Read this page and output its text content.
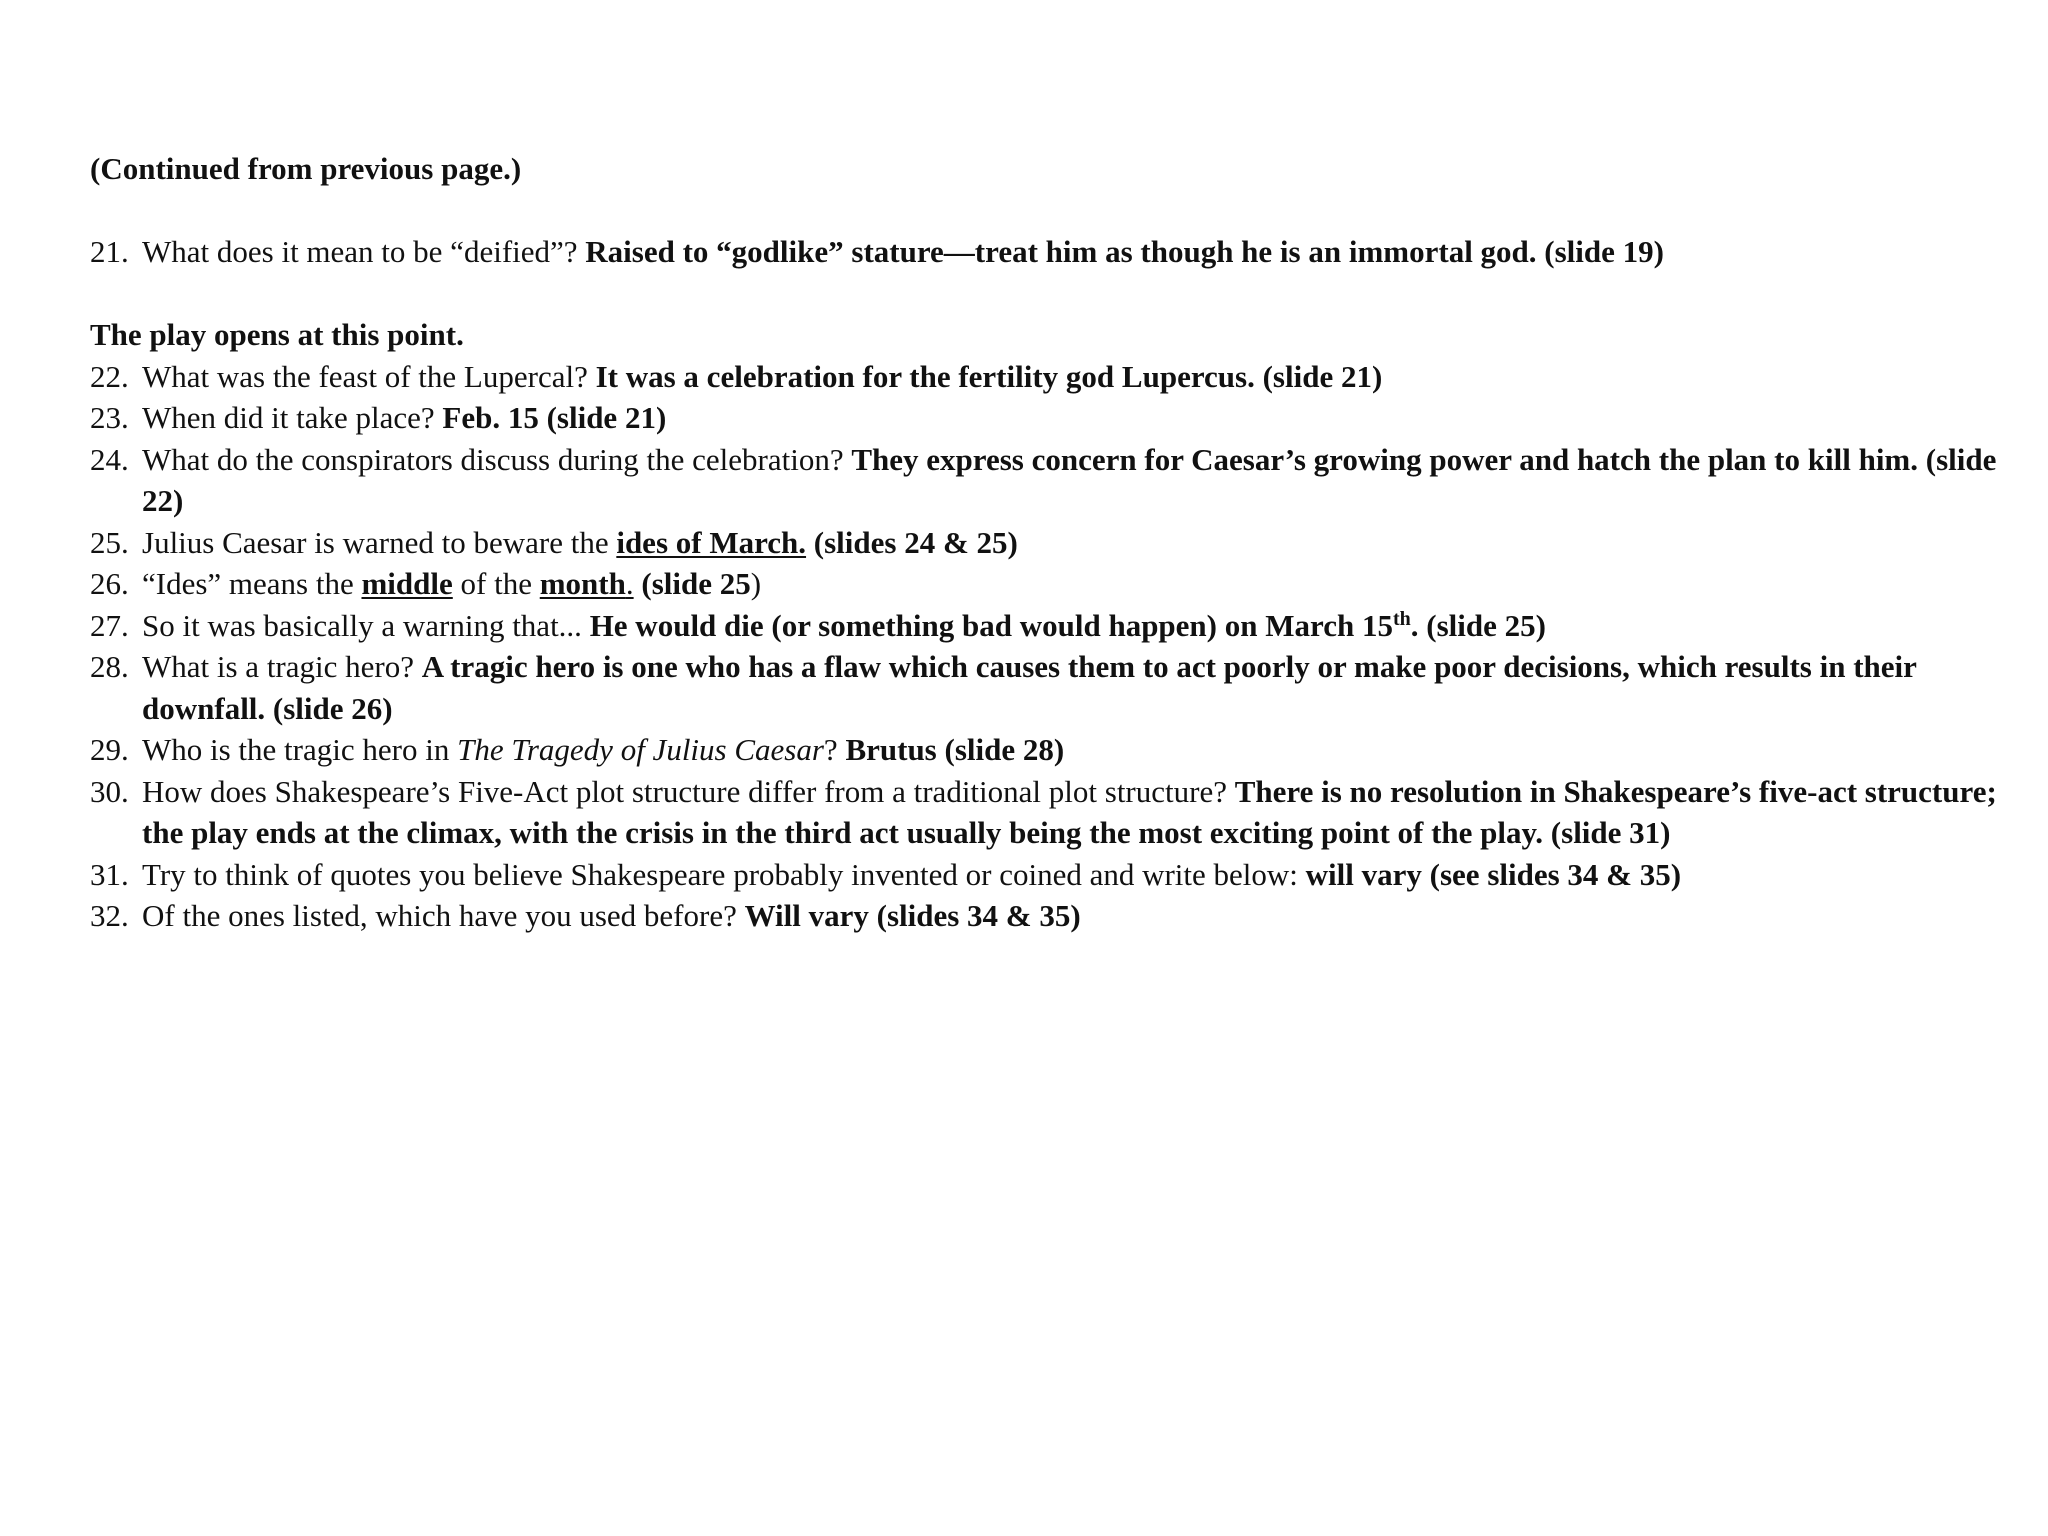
(Continued from previous page.)
21. What does it mean to be “deified”? Raised to “godlike” stature—treat him as though he is an immortal god. (slide 19)
The play opens at this point.
22. What was the feast of the Lupercal? It was a celebration for the fertility god Lupercus. (slide 21)
23. When did it take place? Feb. 15 (slide 21)
24. What do the conspirators discuss during the celebration? They express concern for Caesar’s growing power and hatch the plan to kill him. (slide 22)
25. Julius Caesar is warned to beware the ides of March. (slides 24 & 25)
26. “Ides” means the middle of the month. (slide 25)
27. So it was basically a warning that... He would die (or something bad would happen) on March 15th. (slide 25)
28. What is a tragic hero? A tragic hero is one who has a flaw which causes them to act poorly or make poor decisions, which results in their downfall. (slide 26)
29. Who is the tragic hero in The Tragedy of Julius Caesar? Brutus (slide 28)
30. How does Shakespeare’s Five-Act plot structure differ from a traditional plot structure? There is no resolution in Shakespeare’s five-act structure; the play ends at the climax, with the crisis in the third act usually being the most exciting point of the play. (slide 31)
31. Try to think of quotes you believe Shakespeare probably invented or coined and write below: will vary (see slides 34 & 35)
32. Of the ones listed, which have you used before? Will vary (slides 34 & 35)
